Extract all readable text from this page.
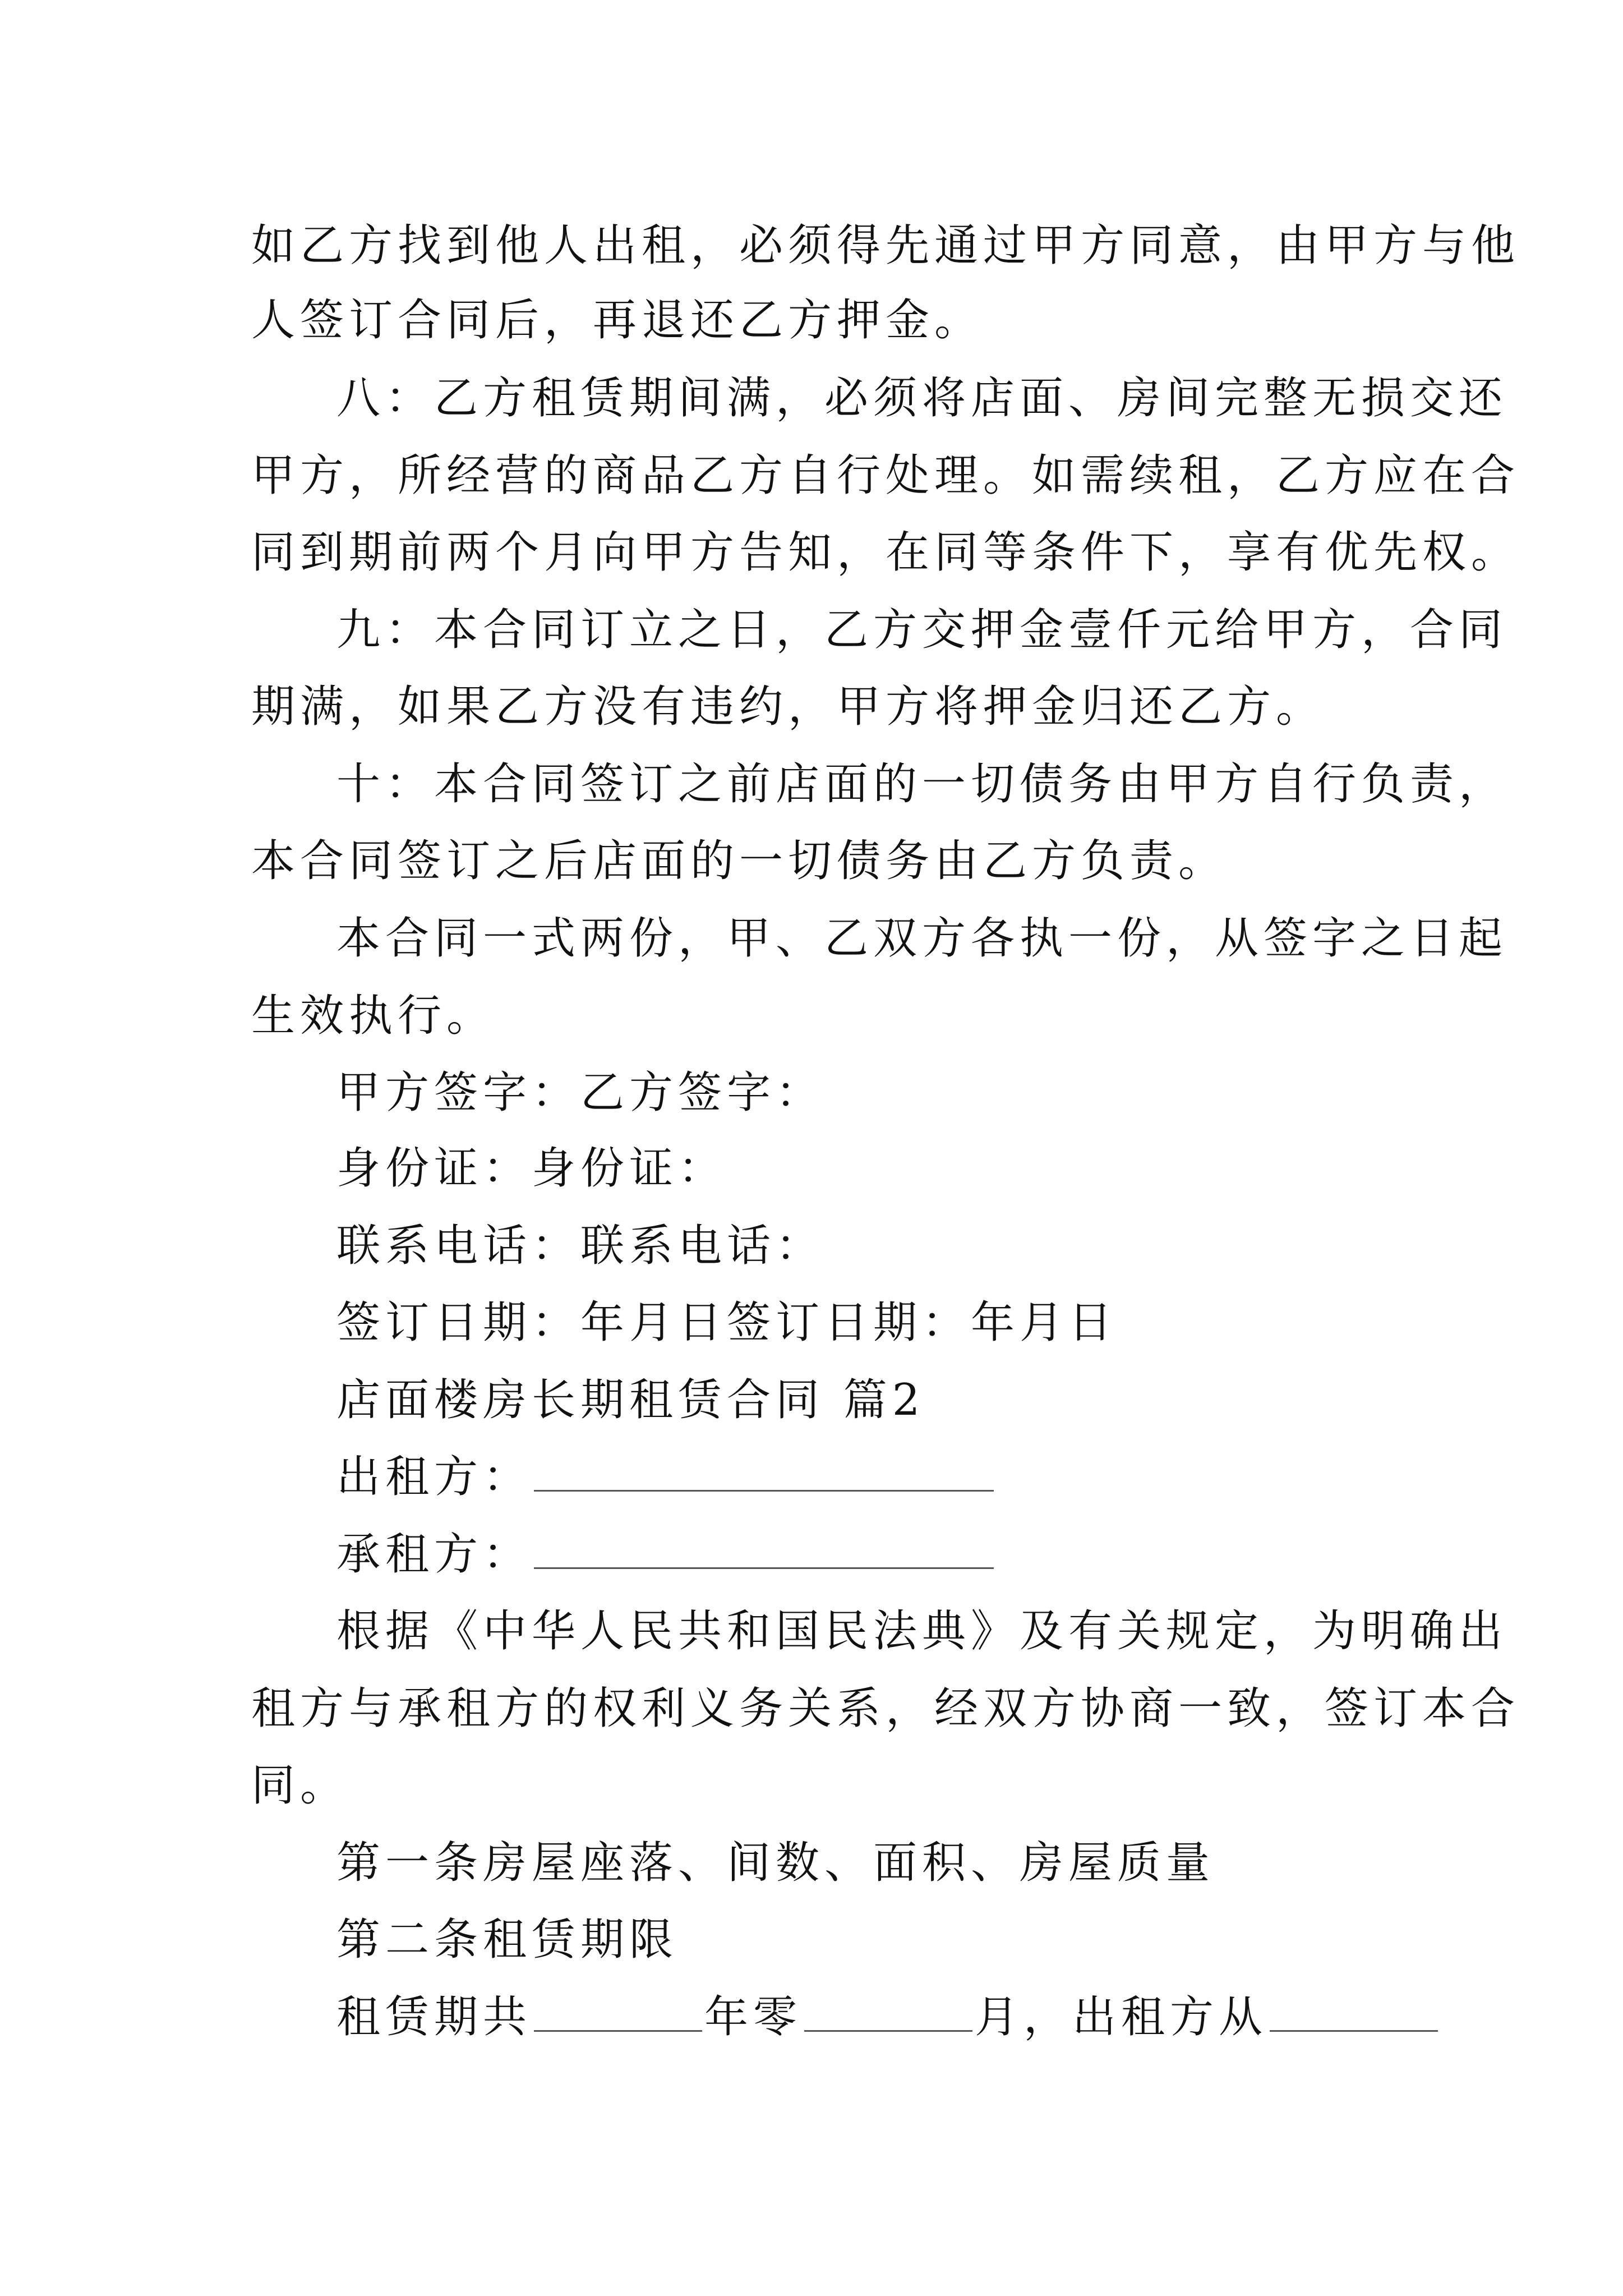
如乙方找到他人出租，必须得先通过甲方同意，由甲方与他
人签订合同后，再退还乙方押金。
八：乙方租赁期间满，必须将店面、房间完整无损交还
甲方，所经营的商品乙方自行处理。如需续租，乙方应在合
同到期前两个月向甲方告知，在同等条件下，享有优先权。
九：本合同订立之日，乙方交押金壹仟元给甲方，合同
期满，如果乙方没有违约，甲方将押金归还乙方。
十：本合同签订之前店面的一切债务由甲方自行负责，
本合同签订之后店面的一切债务由乙方负责。
本合同一式两份，甲、乙双方各执一份，从签字之日起
生效执行。
甲方签字：乙方签字：
身份证：身份证：
联系电话：联系电话：
签订日期：年月日签订日期：年月日
店面楼房长期租赁合同 篇2
出租方：
承租方：
根据《中华人民共和国民法典》及有关规定，为明确出
租方与承租方的权利义务关系，经双方协商一致，签订本合
同。
第一条房屋座落、间数、面积、房屋质量
第二条租赁期限
租赁期共	年零	月，出租方从
